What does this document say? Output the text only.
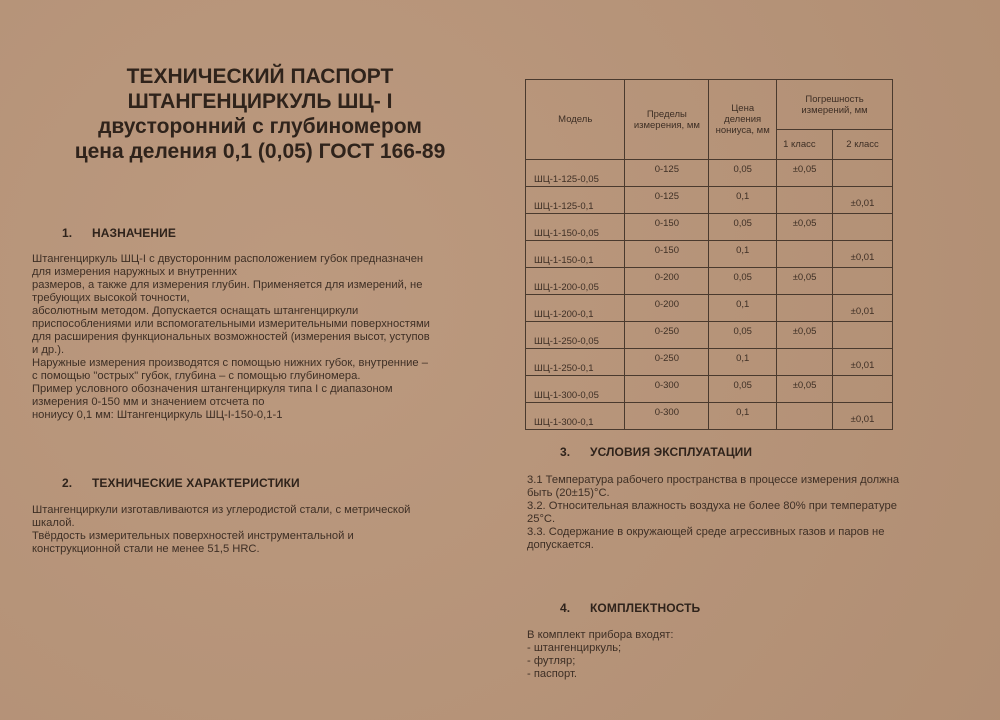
ТЕХНИЧЕСКИЙ ПАСПОРТ
ШТАНГЕНЦИРКУЛЬ ШЦ- I
двусторонний с глубиномером
цена деления 0,1 (0,05) ГОСТ 166-89
1. НАЗНАЧЕНИЕ
Штангенциркуль ШЦ-I с двусторонним расположением губок предназначен
для измерения наружных и внутренних
размеров, а также для измерения глубин. Применяется для измерений, не
требующих высокой точности,
абсолютным методом. Допускается оснащать штангенциркули
приспособлениями или вспомогательными измерительными поверхностями
для расширения функциональных возможностей (измерения высот, уступов
и др.).
Наружные измерения производятся с помощью нижних губок, внутренние –
с помощью "острых" губок, глубина – с помощью глубиномера.
Пример условного обозначения штангенциркуля типа I с диапазоном
измерения 0-150 мм и значением отсчета по
нониусу 0,1 мм: Штангенциркуль ШЦ-I-150-0,1-1
2. ТЕХНИЧЕСКИЕ ХАРАКТЕРИСТИКИ
Штангенциркули изготавливаются из углеродистой стали, с метрической
шкалой.
Твёрдость измерительных поверхностей инструментальной и
конструкционной стали не менее 51,5 HRC.
Модель	Пределы измерения, мм	Цена деления нониуса, мм	Погрешность измерений, мм	
			1 класс	2 класс
ШЦ-1-125-0,05	0-125	0,05	±0,05	
ШЦ-1-125-0,1	0-125	0,1		±0,01
ШЦ-1-150-0,05	0-150	0,05	±0,05	
ШЦ-1-150-0,1	0-150	0,1		±0,01
ШЦ-1-200-0,05	0-200	0,05	±0,05	
ШЦ-1-200-0,1	0-200	0,1		±0,01
ШЦ-1-250-0,05	0-250	0,05	±0,05	
ШЦ-1-250-0,1	0-250	0,1		±0,01
ШЦ-1-300-0,05	0-300	0,05	±0,05	
ШЦ-1-300-0,1	0-300	0,1		±0,01
3. УСЛОВИЯ ЭКСПЛУАТАЦИИ
3.1 Температура рабочего пространства в процессе измерения должна
быть (20±15)°С.
3.2. Относительная влажность воздуха не более 80% при температуре
25°С.
3.3. Содержание в окружающей среде агрессивных газов и паров не
допускается.
4. КОМПЛЕКТНОСТЬ
В комплект прибора входят:
- штангенциркуль;
- футляр;
- паспорт.
